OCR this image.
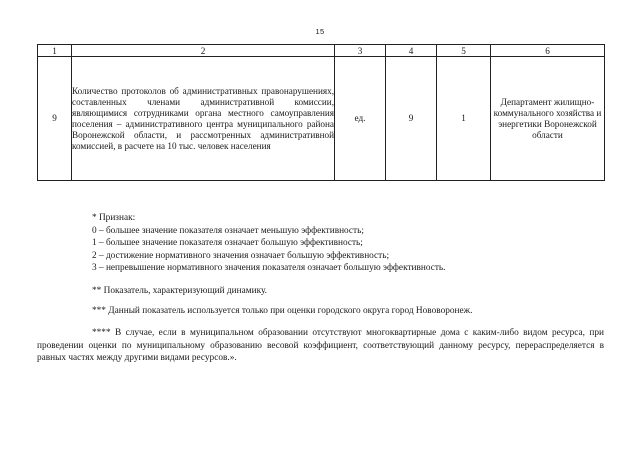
15
1	2	3	4	5	6
9	Количество протоколов об административных правонарушениях, составленных членами административной комиссии, являющимися сотрудниками органа местного самоуправления поселения – административного центра муниципального района Воронежской области, и рассмотренных административной комиссией, в расчете на 10 тыс. человек населения	ед.	9	1	Департамент жилищно-коммунального хозяйства и энергетики Воронежской области

* Признак:

0 – большее значение показателя означает меньшую эффективность;

1 – большее значение показателя означает большую эффективность;

2 – достижение нормативного значения означает большую эффективность;

3 – непревышение нормативного значения показателя означает большую эффективность.

** Показатель, характеризующий динамику.

*** Данный показатель используется только при оценки городского округа город Нововоронеж.

**** В случае, если в муниципальном образовании отсутствуют многоквартирные дома с каким-либо видом ресурса, при проведении оценки по муниципальному образованию весовой коэффициент, соответствующий данному ресурсу, перераспределяется в равных частях между другими видами ресурсов.».
